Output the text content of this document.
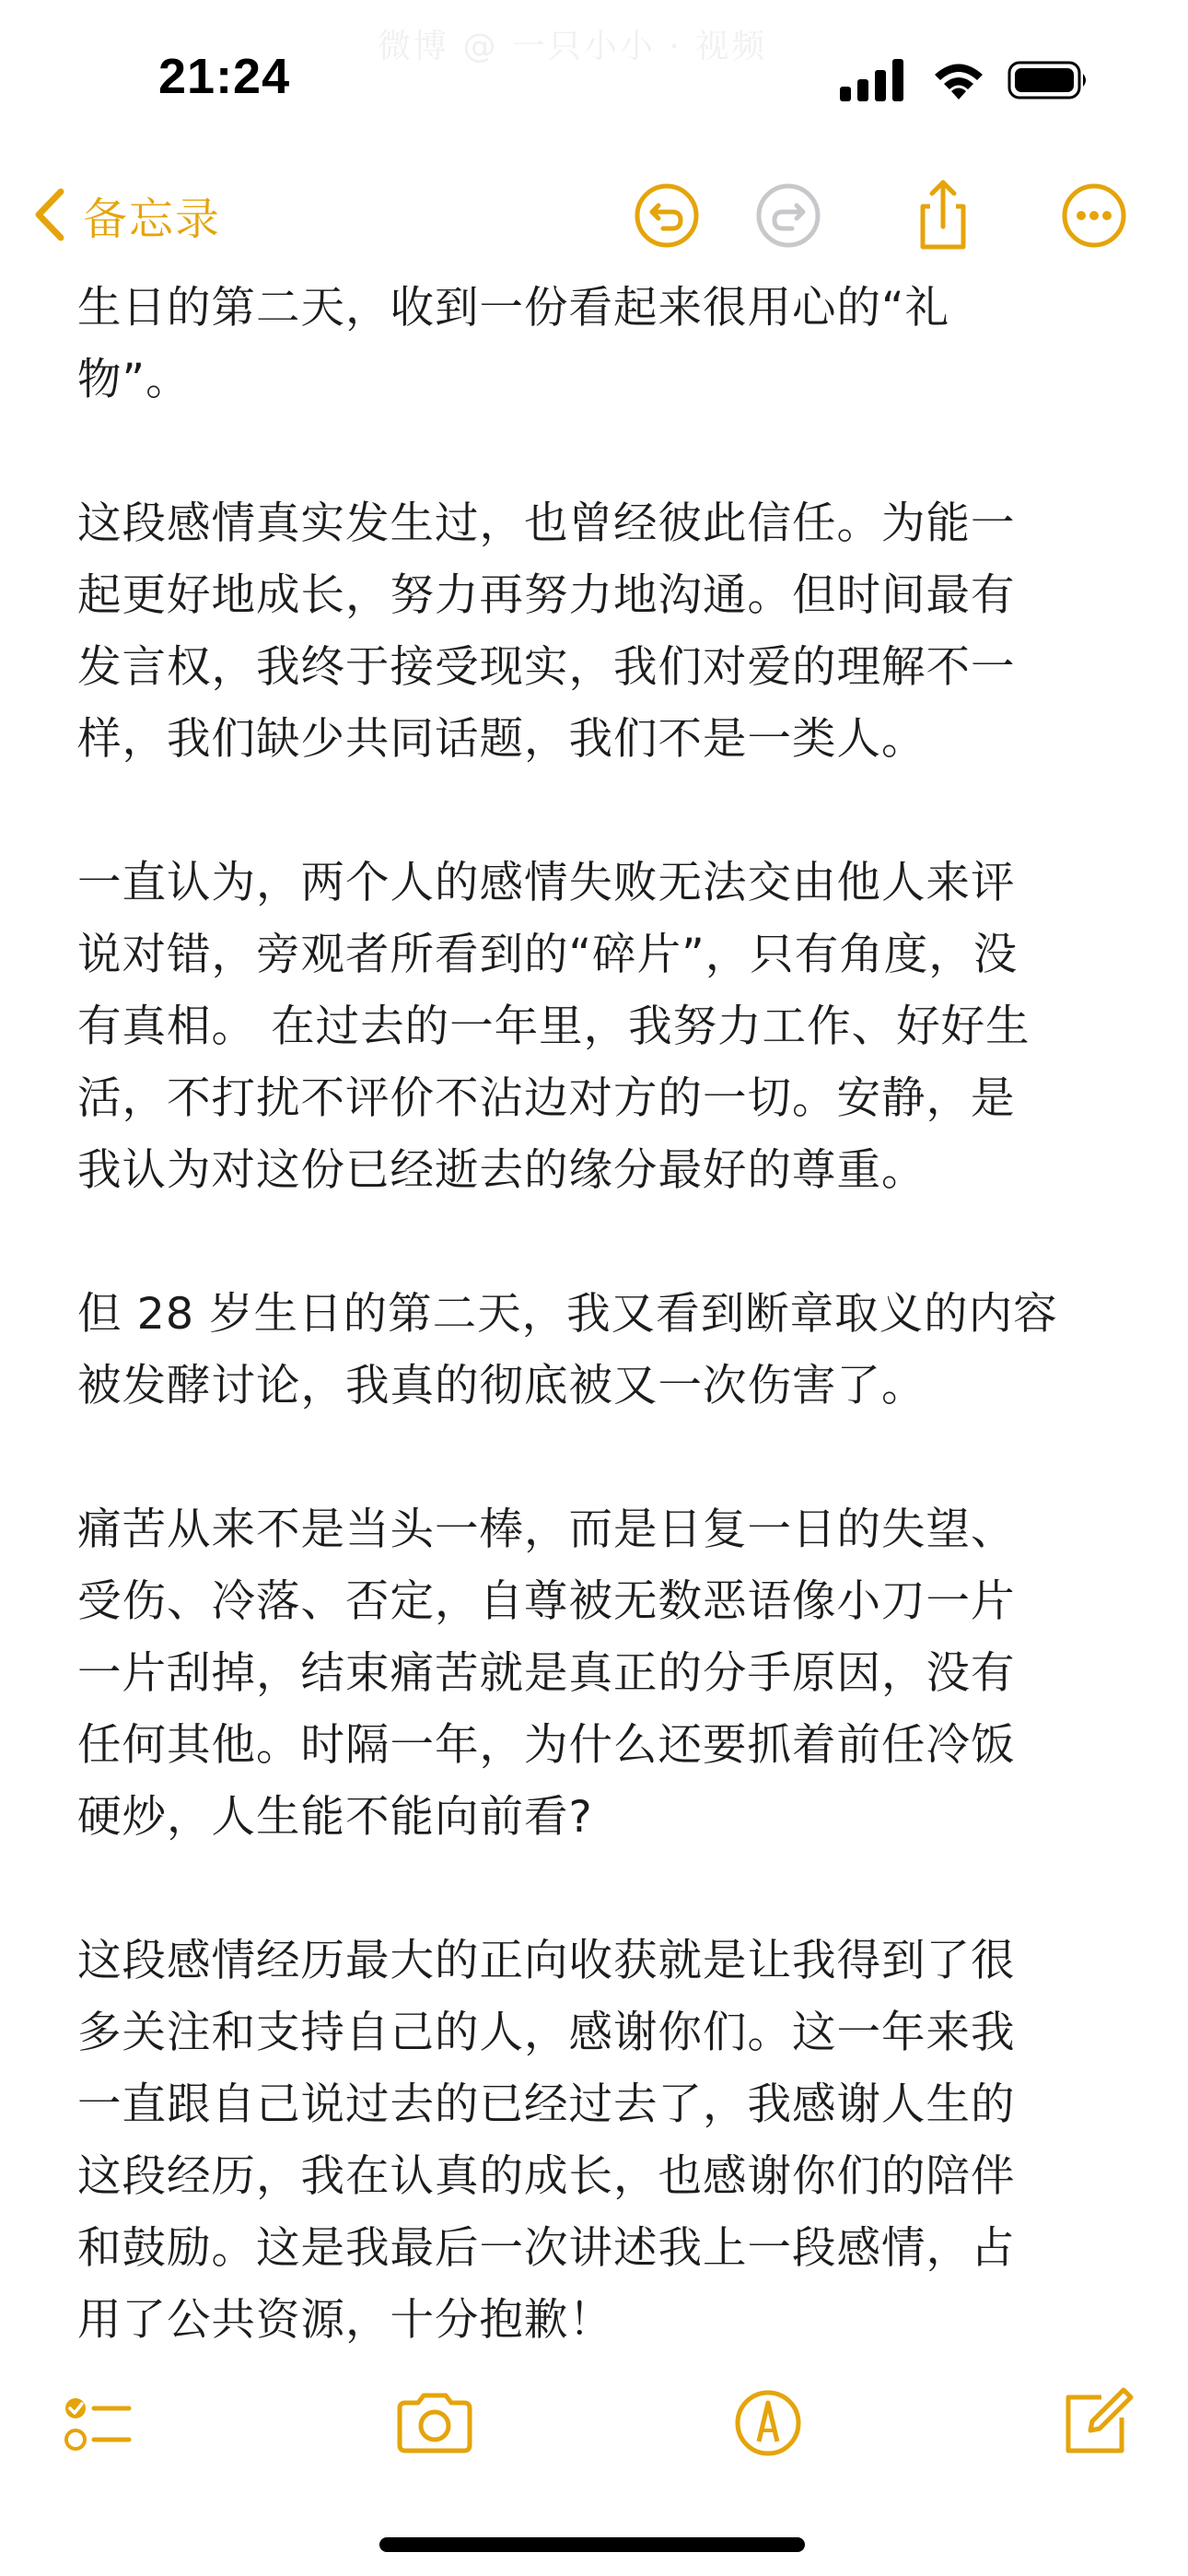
微博 @ 一只小小 · 视频
21:24
备忘录
生日的第二天，收到一份看起来很用心的“礼
物”。
这段感情真实发生过，也曾经彼此信任。为能一
起更好地成长，努力再努力地沟通。但时间最有
发言权，我终于接受现实，我们对爱的理解不一
样，我们缺少共同话题，我们不是一类人。
一直认为，两个人的感情失败无法交由他人来评
说对错，旁观者所看到的“碎片”，只有角度，没
有真相。 在过去的一年里，我努力工作、好好生
活，不打扰不评价不沾边对方的一切。安静，是
我认为对这份已经逝去的缘分最好的尊重。
但 28 岁生日的第二天，我又看到断章取义的内容
被发酵讨论，我真的彻底被又一次伤害了。
痛苦从来不是当头一棒，而是日复一日的失望、
受伤、冷落、否定，自尊被无数恶语像小刀一片
一片刮掉，结束痛苦就是真正的分手原因，没有
任何其他。时隔一年，为什么还要抓着前任冷饭
硬炒，人生能不能向前看?
这段感情经历最大的正向收获就是让我得到了很
多关注和支持自己的人，感谢你们。这一年来我
一直跟自己说过去的已经过去了，我感谢人生的
这段经历，我在认真的成长，也感谢你们的陪伴
和鼓励。这是我最后一次讲述我上一段感情，占
用了公共资源，十分抱歉！
